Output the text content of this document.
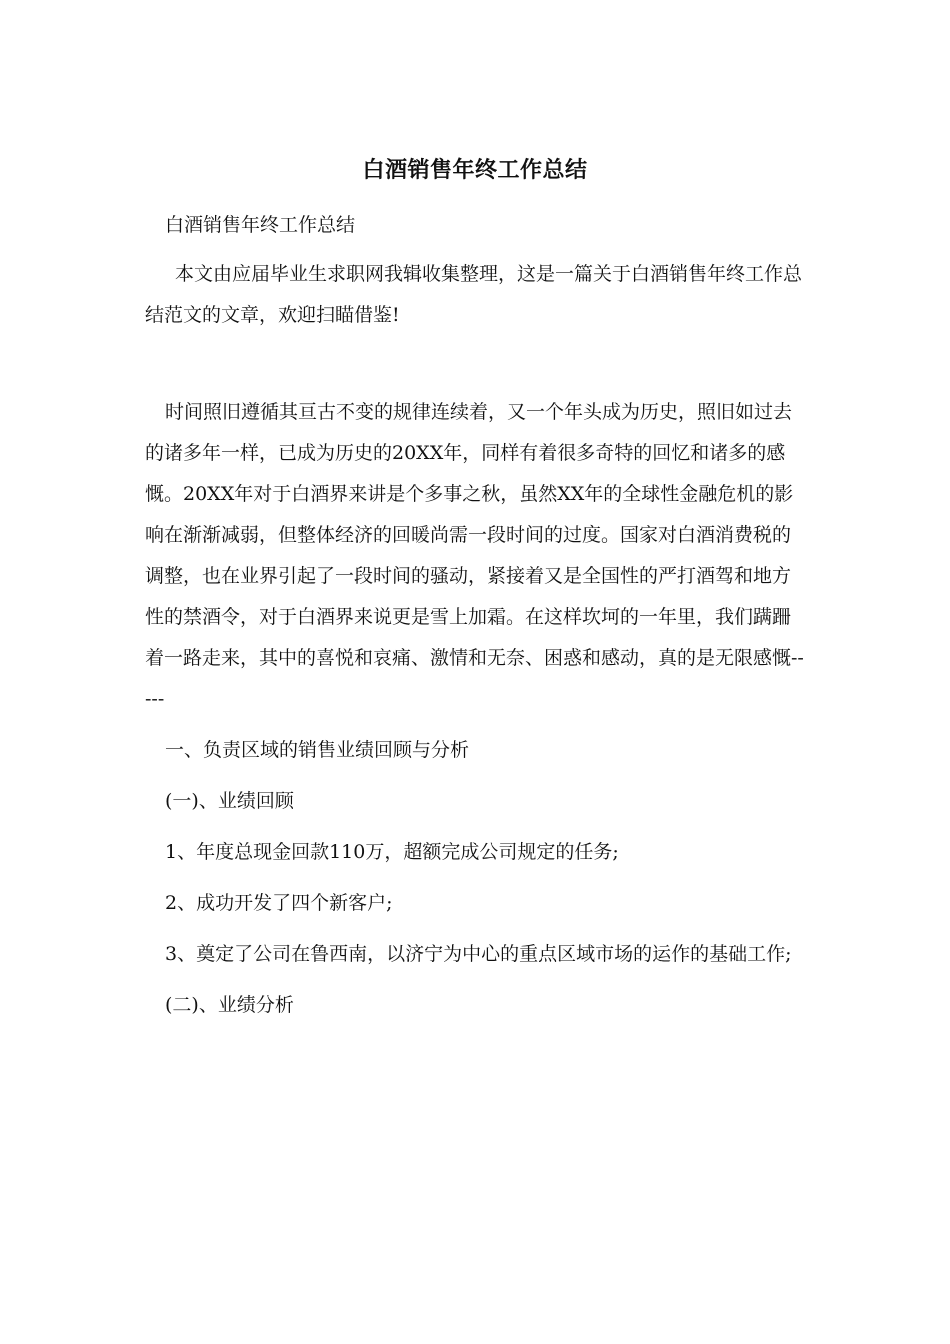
白酒销售年终工作总结

白酒销售年终工作总结

本文由应届毕业生求职网我辑收集整理，这是一篇关于白酒销售年终工作总结范文的文章，欢迎扫瞄借鉴!

时间照旧遵循其亘古不变的规律连续着，又一个年头成为历史，照旧如过去的诸多年一样，已成为历史的20XX年，同样有着很多奇特的回忆和诸多的感慨。20XX年对于白酒界来讲是个多事之秋，虽然XX年的全球性金融危机的影响在渐渐减弱，但整体经济的回暖尚需一段时间的过度。国家对白酒消费税的调整，也在业界引起了一段时间的骚动，紧接着又是全国性的严打酒驾和地方性的禁酒令，对于白酒界来说更是雪上加霜。在这样坎坷的一年里，我们蹒跚着一路走来，其中的喜悦和哀痛、激情和无奈、困惑和感动，真的是无限感慨-----

一、负责区域的销售业绩回顾与分析

(一)、业绩回顾

1、年度总现金回款110万，超额完成公司规定的任务;

2、成功开发了四个新客户;

3、奠定了公司在鲁西南，以济宁为中心的重点区域市场的运作的基础工作;

(二)、业绩分析
